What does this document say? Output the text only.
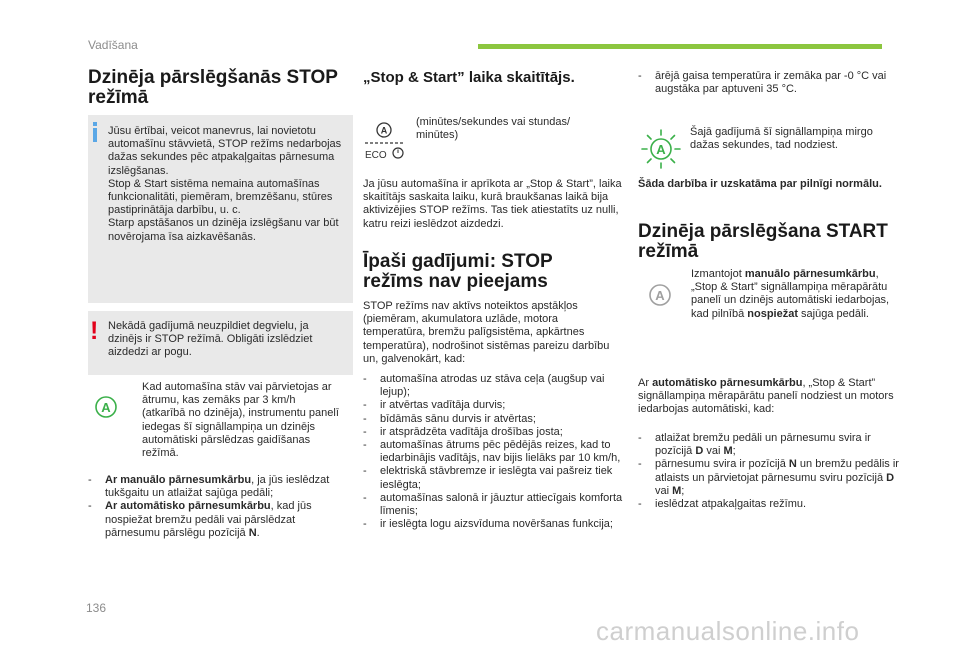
Vadīšana
Dzinēja pārslēgšanās STOP režīmā
Jūsu ērtībai, veicot manevrus, lai novietotu automašīnu stāvvietā, STOP režīms nedarbojas dažas sekundes pēc atpakaļgaitas pārnesuma izslēgšanas.
Stop & Start sistēma nemaina automašīnas funkcionalitāti, piemēram, bremzēšanu, stūres pastiprinātāja darbību, u. c.
Starp apstāšanos un dzinēja izslēgšanu var būt novērojama īsa aizkavēšanās.
! Nekādā gadījumā neuzpildiet degvielu, ja dzinējs ir STOP režīmā. Obligāti izslēdziet aizdedzi ar pogu.
A
Kad automašīna stāv vai pārvietojas ar ātrumu, kas zemāks par 3 km/h (atkarībā no dzinēja), instrumentu panelī iedegas šī signāllampiņa un dzinējs automātiski pārslēdzas gaidīšanas režīmā.
- Ar manuālo pārnesumkārbu, ja jūs ieslēdzat tukšgaitu un atlaižat sajūga pedāli;
- Ar automātisko pārnesumkārbu, kad jūs nospiežat bremžu pedāli vai pārslēdzat pārnesumu pārslēgu pozīcijā N.
„Stop & Start” laika skaitītājs.
A
ECO
(minūtes/sekundes vai stundas/ minūtes)
Ja jūsu automašīna ir aprīkota ar „Stop & Start”, laika skaitītājs saskaita laiku, kurā braukšanas laikā bija aktivizējies STOP režīms. Tas tiek atiestatīts uz nulli, katru reizi ieslēdzot aizdedzi.
Īpaši gadījumi: STOP režīms nav pieejams
STOP režīms nav aktīvs noteiktos apstākļos (piemēram, akumulatora uzlāde, motora temperatūra, bremžu palīgsistēma, apkārtnes temperatūra), nodrošinot sistēmas pareizu darbību un, galvenokārt, kad:
- automašīna atrodas uz stāva ceļa (augšup vai lejup);
- ir atvērtas vadītāja durvis;
- bīdāmās sānu durvis ir atvērtas;
- ir atsprādzēta vadītāja drošības josta;
- automašīnas ātrums pēc pēdējās reizes, kad to iedarbinājis vadītājs, nav bijis lielāks par 10 km/h,
- elektriskā stāvbremze ir ieslēgta vai pašreiz tiek ieslēgta;
- automašīnas salonā ir jāuztur attiecīgais komforta līmenis;
- ir ieslēgta logu aizsvīduma novēršanas funkcija;
- ārējā gaisa temperatūra ir zemāka par -0 °C vai augstāka par aptuveni 35 °C.
A
Šajā gadījumā šī signāllampiņa mirgo dažas sekundes, tad nodziest.
Šāda darbība ir uzskatāma par pilnīgi normālu.
Dzinēja pārslēgšana START režīmā
A
Izmantojot manuālo pārnesumkārbu, „Stop & Start” signāllampiņa mērapārātu panelī un dzinējs automātiski iedarbojas, kad pilnībā nospiežat sajūga pedāli.
Ar automātisko pārnesumkārbu, „Stop & Start” signāllampiņa mērapārātu panelī nodziest un motors iedarbojas automātiski, kad:
- atlaižat bremžu pedāli un pārnesumu svira ir pozīcijā D vai M;
- pārnesumu svira ir pozīcijā N un bremžu pedālis ir atlaists un pārvietojat pārnesumu sviru pozīcijā D vai M;
- ieslēdzat atpakaļgaitas režīmu.
136
carmanualsonline.info
